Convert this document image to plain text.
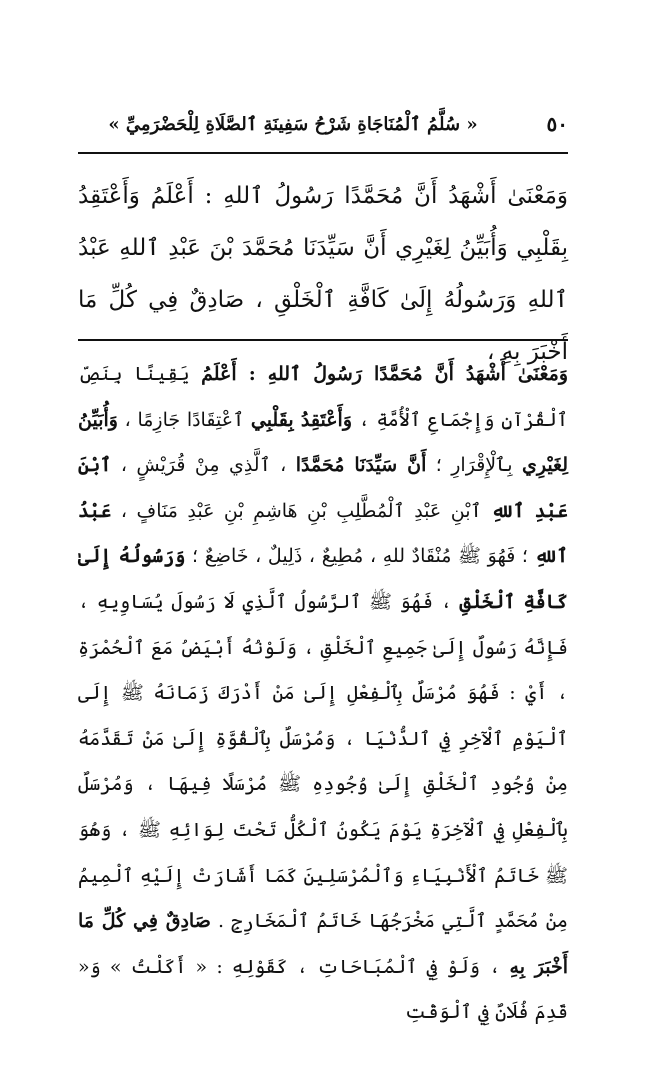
٥٠
« سُلَّمُ ٱلْمُنَاجَاةِ شَرْحُ سَفِينَةِ ٱلصَّلَاةِ لِلْحَضْرَمِيِّ »

وَمَعْنَىٰ أَشْهَدُ أَنَّ مُحَمَّدًا رَسُولُ ٱللهِ : أَعْلَمُ وَأَعْتَقِدُ بِقَلْبِي وَأُبَيِّنُ لِغَيْرِي أَنَّ سَيِّدَنَا مُحَمَّدَ بْنَ عَبْدِ ٱللهِ عَبْدُ ٱللهِ وَرَسُولُهُ إِلَىٰ كَافَّةِ ٱلْخَلْقِ ، صَادِقٌ فِي كُلِّ مَا أَخْبَرَ بِهِ ،

وَمَعْنَىٰ أَشْهَدُ أَنَّ مُحَمَّدًا رَسُولُ ٱللهِ : أَعْلَمُ يَقِينًا بِنَصِّ ٱلْقُرْآنِ وَإِجْمَاعِ ٱلْأُمَّةِ ، وَأَعْتَقِدُ بِقَلْبِي ٱعْتِقَادًا جَازِمًا ، وَأُبَيِّنُ لِغَيْرِي بِٱلْإِقْرَارِ ؛ أَنَّ سَيِّدَنَا مُحَمَّدًا ، ٱلَّذِي مِنْ قُرَيْشٍ ، ٱبْنَ عَبْدِ ٱللهِ ٱبْنِ عَبْدِ ٱلْمُطَّلِبِ بْنِ هَاشِمِ بْنِ عَبْدِ مَنَافٍ ، عَبْدُ ٱللهِ ؛ فَهُوَ ﷺ مُنْقَادٌ للهِ ، مُطِيعٌ ، ذَلِيلٌ ، خَاضِعٌ ؛ وَرَسُولُهُ إِلَىٰ كَافَّةِ ٱلْخَلْقِ ، فَهُوَ ﷺ ٱلرَّسُولُ ٱلَّذِي لَا رَسُولَ يُسَاوِيهِ ، فَإِنَّهُ رَسُولٌ إِلَىٰ جَمِيعِ ٱلْخَلْقِ ، وَلَوْنُهُ أَبْيَضُ مَعَ ٱلْحُمْرَةِ ، أَيْ : فَهُوَ مُرْسَلٌ بِٱلْفِعْلِ إِلَىٰ مَنْ أَدْرَكَ زَمَانَهُ ﷺ إِلَى ٱلْيَوْمِ ٱلْآخِرِ فِي ٱلدُّنْيَا ، وَمُرْسَلٌ بِٱلْقُوَّةِ إِلَىٰ مَنْ تَقَدَّمَهُ مِنْ وُجُودِ ٱلْخَلْقِ إِلَىٰ وُجُودِهِ ﷺ مُرْسَلًا فِيهَا ، وَمُرْسَلٌ بِٱلْفِعْلِ فِي ٱلْآخِرَةِ يَوْمَ يَكُونُ ٱلْكُلُّ تَحْتَ لِوَائِهِ ﷺ ، وَهُوَ ﷺ خَاتَمُ ٱلْأَنْبِيَاءِ وَٱلْمُرْسَلِينَ كَمَا أَشَارَتْ إِلَيْهِ ٱلْمِيمُ مِنْ مُحَمَّدٍ ٱلَّتِي مَخْرَجُهَا خَاتَمُ ٱلْمَخَارِجِ . صَادِقٌ فِي كُلِّ مَا أَخْبَرَ بِهِ ، وَلَوْ فِي ٱلْمُبَاحَاتِ ، كَقَوْلِهِ : « أَكَلْتُ » وَ« قَدِمَ فُلَانٌ فِي ٱلْوَقْتِ
